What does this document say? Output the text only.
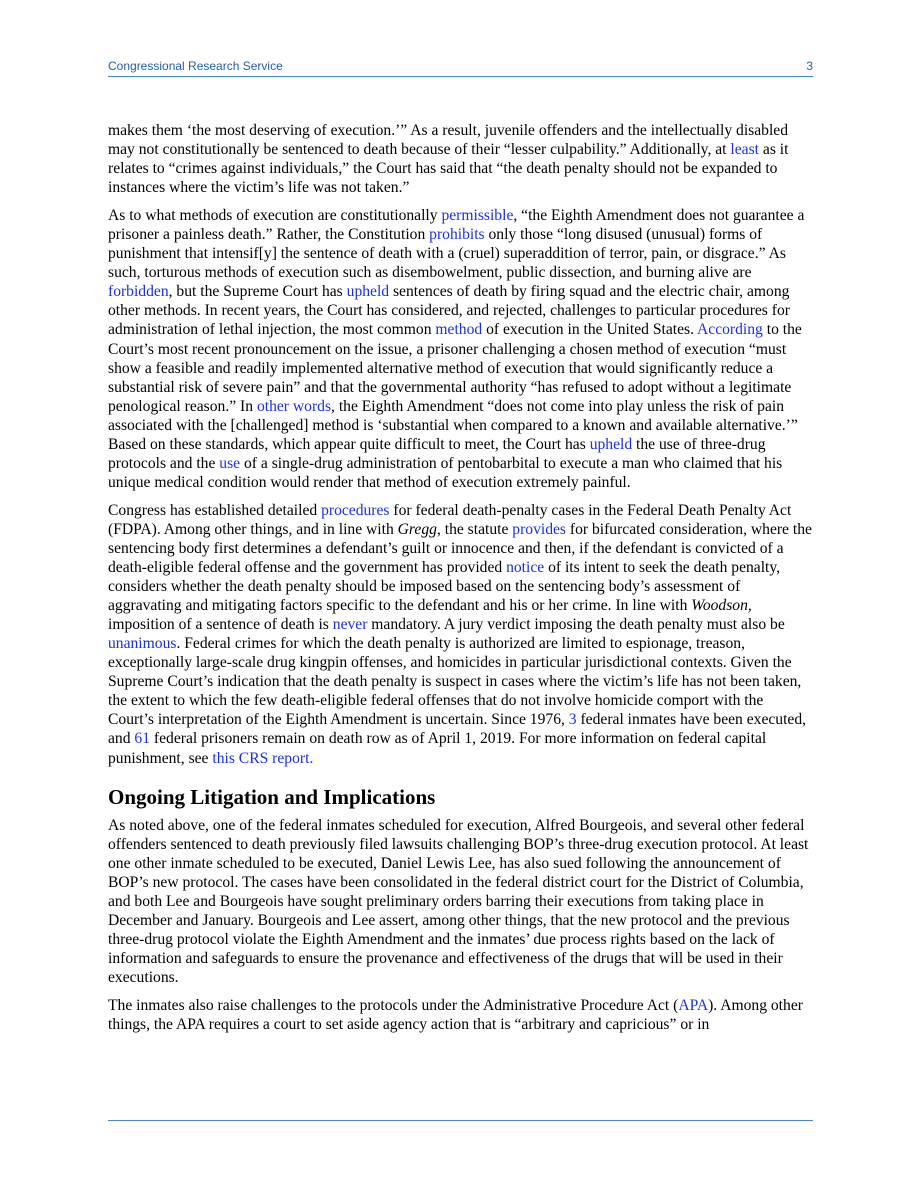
Congressional Research Service	3

makes them ‘the most deserving of execution.’” As a result, juvenile offenders and the intellectually disabled may not constitutionally be sentenced to death because of their “lesser culpability.” Additionally, at least as it relates to “crimes against individuals,” the Court has said that “the death penalty should not be expanded to instances where the victim’s life was not taken.”

As to what methods of execution are constitutionally permissible, “the Eighth Amendment does not guarantee a prisoner a painless death.” Rather, the Constitution prohibits only those “long disused (unusual) forms of punishment that intensif[y] the sentence of death with a (cruel) superaddition of terror, pain, or disgrace.” As such, torturous methods of execution such as disembowelment, public dissection, and burning alive are forbidden, but the Supreme Court has upheld sentences of death by firing squad and the electric chair, among other methods. In recent years, the Court has considered, and rejected, challenges to particular procedures for administration of lethal injection, the most common method of execution in the United States. According to the Court’s most recent pronouncement on the issue, a prisoner challenging a chosen method of execution “must show a feasible and readily implemented alternative method of execution that would significantly reduce a substantial risk of severe pain” and that the governmental authority “has refused to adopt without a legitimate penological reason.” In other words, the Eighth Amendment “does not come into play unless the risk of pain associated with the [challenged] method is ‘substantial when compared to a known and available alternative.’” Based on these standards, which appear quite difficult to meet, the Court has upheld the use of three-drug protocols and the use of a single-drug administration of pentobarbital to execute a man who claimed that his unique medical condition would render that method of execution extremely painful.

Congress has established detailed procedures for federal death-penalty cases in the Federal Death Penalty Act (FDPA). Among other things, and in line with Gregg, the statute provides for bifurcated consideration, where the sentencing body first determines a defendant’s guilt or innocence and then, if the defendant is convicted of a death-eligible federal offense and the government has provided notice of its intent to seek the death penalty, considers whether the death penalty should be imposed based on the sentencing body’s assessment of aggravating and mitigating factors specific to the defendant and his or her crime. In line with Woodson, imposition of a sentence of death is never mandatory. A jury verdict imposing the death penalty must also be unanimous. Federal crimes for which the death penalty is authorized are limited to espionage, treason, exceptionally large-scale drug kingpin offenses, and homicides in particular jurisdictional contexts. Given the Supreme Court’s indication that the death penalty is suspect in cases where the victim’s life has not been taken, the extent to which the few death-eligible federal offenses that do not involve homicide comport with the Court’s interpretation of the Eighth Amendment is uncertain. Since 1976, 3 federal inmates have been executed, and 61 federal prisoners remain on death row as of April 1, 2019. For more information on federal capital punishment, see this CRS report.

Ongoing Litigation and Implications

As noted above, one of the federal inmates scheduled for execution, Alfred Bourgeois, and several other federal offenders sentenced to death previously filed lawsuits challenging BOP’s three-drug execution protocol. At least one other inmate scheduled to be executed, Daniel Lewis Lee, has also sued following the announcement of BOP’s new protocol. The cases have been consolidated in the federal district court for the District of Columbia, and both Lee and Bourgeois have sought preliminary orders barring their executions from taking place in December and January. Bourgeois and Lee assert, among other things, that the new protocol and the previous three-drug protocol violate the Eighth Amendment and the inmates’ due process rights based on the lack of information and safeguards to ensure the provenance and effectiveness of the drugs that will be used in their executions.

The inmates also raise challenges to the protocols under the Administrative Procedure Act (APA). Among other things, the APA requires a court to set aside agency action that is “arbitrary and capricious” or in
